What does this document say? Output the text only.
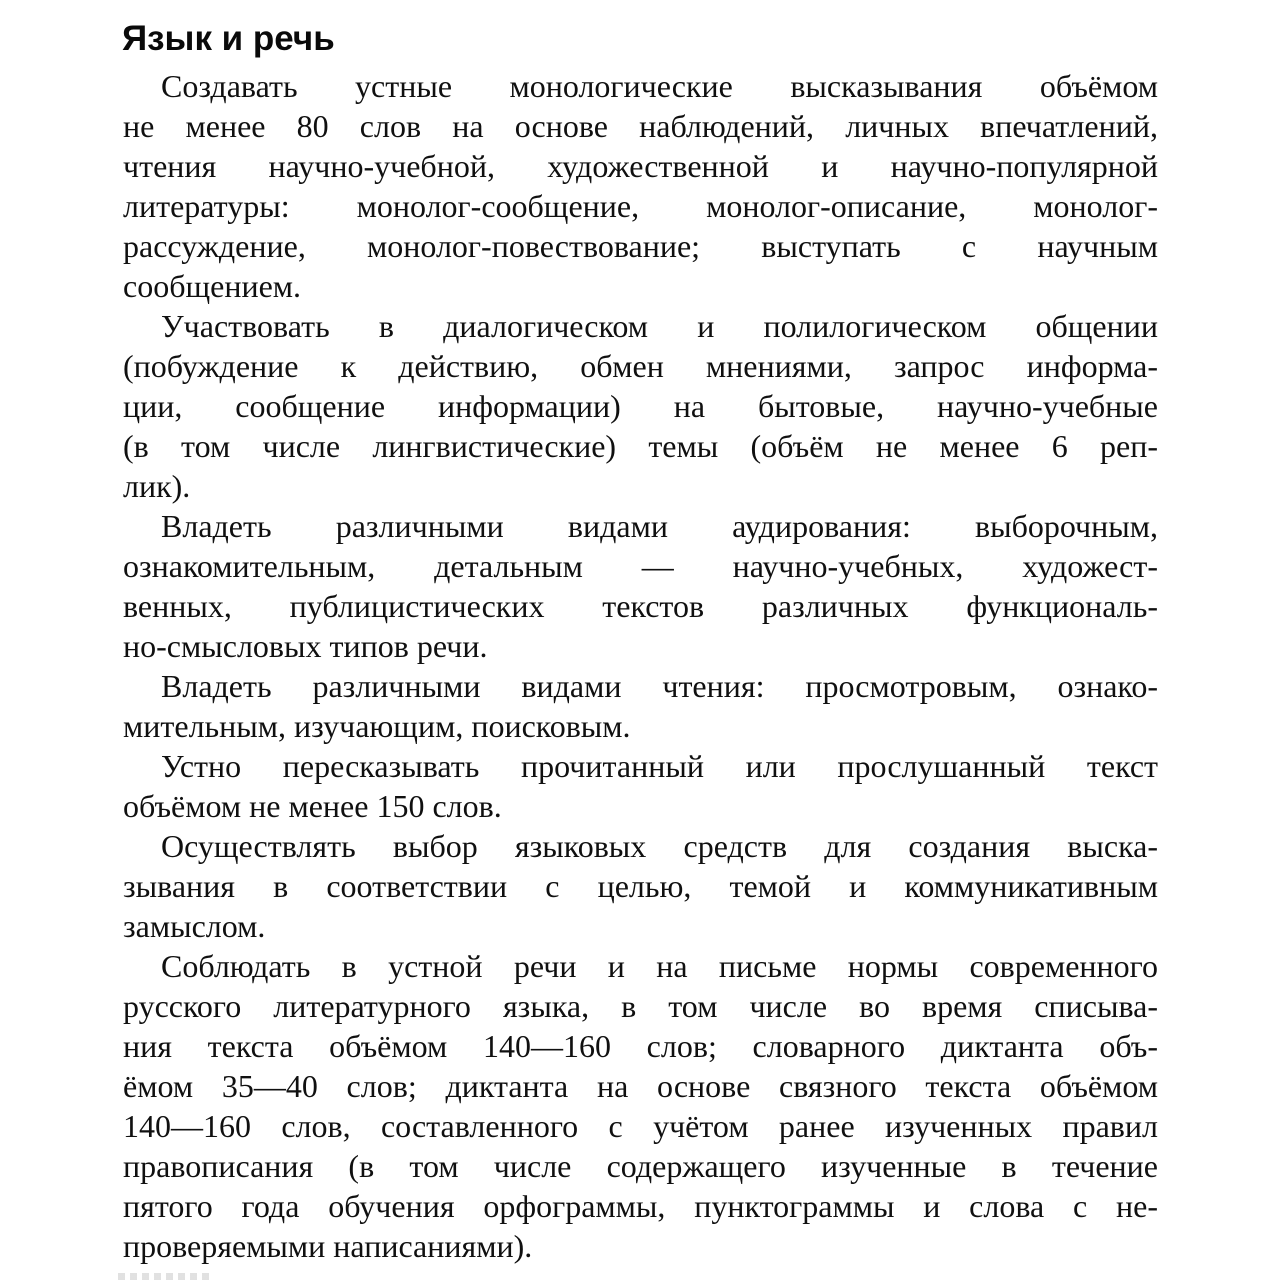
Язык и речь
Создавать устные монологические высказывания объёмом
не менее 80 слов на основе наблюдений, личных впечатлений,
чтения научно-учебной, художественной и научно-популярной
литературы: монолог-сообщение, монолог-описание, монолог-
рассуждение, монолог-повествование; выступать с научным
сообщением.
Участвовать в диалогическом и полилогическом общении
(побуждение к действию, обмен мнениями, запрос информа-
ции, сообщение информации) на бытовые, научно-учебные
(в том числе лингвистические) темы (объём не менее 6 реп-
лик).
Владеть различными видами аудирования: выборочным,
ознакомительным, детальным — научно-учебных, художест-
венных, публицистических текстов различных функциональ-
но-смысловых типов речи.
Владеть различными видами чтения: просмотровым, ознако-
мительным, изучающим, поисковым.
Устно пересказывать прочитанный или прослушанный текст
объёмом не менее 150 слов.
Осуществлять выбор языковых средств для создания выска-
зывания в соответствии с целью, темой и коммуникативным
замыслом.
Соблюдать в устной речи и на письме нормы современного
русского литературного языка, в том числе во время списыва-
ния текста объёмом 140—160 слов; словарного диктанта объ-
ёмом 35—40 слов; диктанта на основе связного текста объёмом
140—160 слов, составленного с учётом ранее изученных правил
правописания (в том числе содержащего изученные в течение
пятого года обучения орфограммы, пунктограммы и слова с не-
проверяемыми написаниями).
